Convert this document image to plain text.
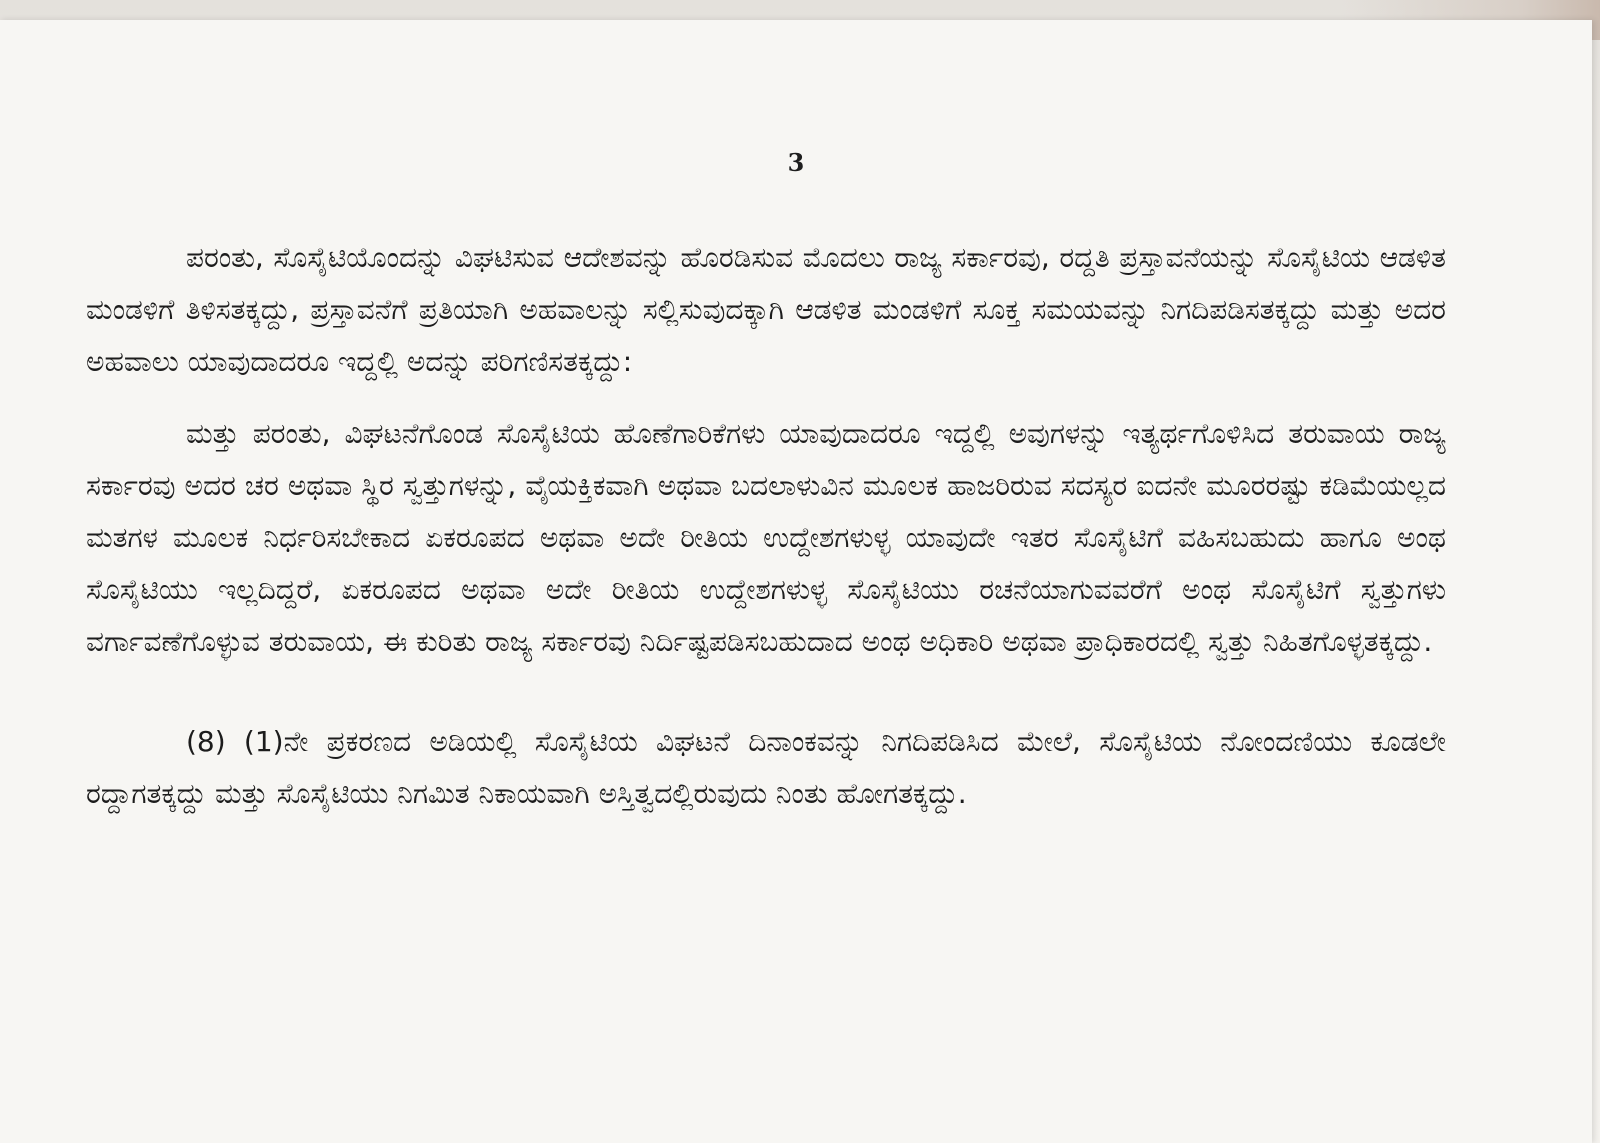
3

ಪರಂತು, ಸೊಸೈಟಿಯೊಂದನ್ನು ವಿಘಟಿಸುವ ಆದೇಶವನ್ನು ಹೊರಡಿಸುವ ಮೊದಲು ರಾಜ್ಯ ಸರ್ಕಾರವು, ರದ್ದತಿ ಪ್ರಸ್ತಾವನೆಯನ್ನು ಸೊಸೈಟಿಯ ಆಡಳಿತ ಮಂಡಳಿಗೆ ತಿಳಿಸತಕ್ಕದ್ದು, ಪ್ರಸ್ತಾವನೆಗೆ ಪ್ರತಿಯಾಗಿ ಅಹವಾಲನ್ನು ಸಲ್ಲಿಸುವುದಕ್ಕಾಗಿ ಆಡಳಿತ ಮಂಡಳಿಗೆ ಸೂಕ್ತ ಸಮಯವನ್ನು ನಿಗದಿಪಡಿಸತಕ್ಕದ್ದು ಮತ್ತು ಅದರ ಅಹವಾಲು ಯಾವುದಾದರೂ ಇದ್ದಲ್ಲಿ ಅದನ್ನು ಪರಿಗಣಿಸತಕ್ಕದ್ದು:

ಮತ್ತು ಪರಂತು, ವಿಘಟನೆಗೊಂಡ ಸೊಸೈಟಿಯ ಹೊಣೆಗಾರಿಕೆಗಳು ಯಾವುದಾದರೂ ಇದ್ದಲ್ಲಿ ಅವುಗಳನ್ನು ಇತ್ಯರ್ಥಗೊಳಿಸಿದ ತರುವಾಯ ರಾಜ್ಯ ಸರ್ಕಾರವು ಅದರ ಚರ ಅಥವಾ ಸ್ಥಿರ ಸ್ವತ್ತುಗಳನ್ನು, ವೈಯಕ್ತಿಕವಾಗಿ ಅಥವಾ ಬದಲಾಳುವಿನ ಮೂಲಕ ಹಾಜರಿರುವ ಸದಸ್ಯರ ಐದನೇ ಮೂರರಷ್ಟು ಕಡಿಮೆಯಲ್ಲದ ಮತಗಳ ಮೂಲಕ ನಿರ್ಧರಿಸಬೇಕಾದ ಏಕರೂಪದ ಅಥವಾ ಅದೇ ರೀತಿಯ ಉದ್ದೇಶಗಳುಳ್ಳ ಯಾವುದೇ ಇತರ ಸೊಸೈಟಿಗೆ ವಹಿಸಬಹುದು ಹಾಗೂ ಅಂಥ ಸೊಸೈಟಿಯು ಇಲ್ಲದಿದ್ದರೆ, ಏಕರೂಪದ ಅಥವಾ ಅದೇ ರೀತಿಯ ಉದ್ದೇಶಗಳುಳ್ಳ ಸೊಸೈಟಿಯು ರಚನೆಯಾಗುವವರೆಗೆ ಅಂಥ ಸೊಸೈಟಿಗೆ ಸ್ವತ್ತುಗಳು ವರ್ಗಾವಣೆಗೊಳ್ಳುವ ತರುವಾಯ, ಈ ಕುರಿತು ರಾಜ್ಯ ಸರ್ಕಾರವು ನಿರ್ದಿಷ್ಟಪಡಿಸಬಹುದಾದ ಅಂಥ ಅಧಿಕಾರಿ ಅಥವಾ ಪ್ರಾಧಿಕಾರದಲ್ಲಿ ಸ್ವತ್ತು ನಿಹಿತಗೊಳ್ಳತಕ್ಕದ್ದು.

(8) (1)ನೇ ಪ್ರಕರಣದ ಅಡಿಯಲ್ಲಿ ಸೊಸೈಟಿಯ ವಿಘಟನೆ ದಿನಾಂಕವನ್ನು ನಿಗದಿಪಡಿಸಿದ ಮೇಲೆ, ಸೊಸೈಟಿಯ ನೋಂದಣಿಯು ಕೂಡಲೇ ರದ್ದಾಗತಕ್ಕದ್ದು ಮತ್ತು ಸೊಸೈಟಿಯು ನಿಗಮಿತ ನಿಕಾಯವಾಗಿ ಅಸ್ತಿತ್ವದಲ್ಲಿರುವುದು ನಿಂತು ಹೋಗತಕ್ಕದ್ದು.
